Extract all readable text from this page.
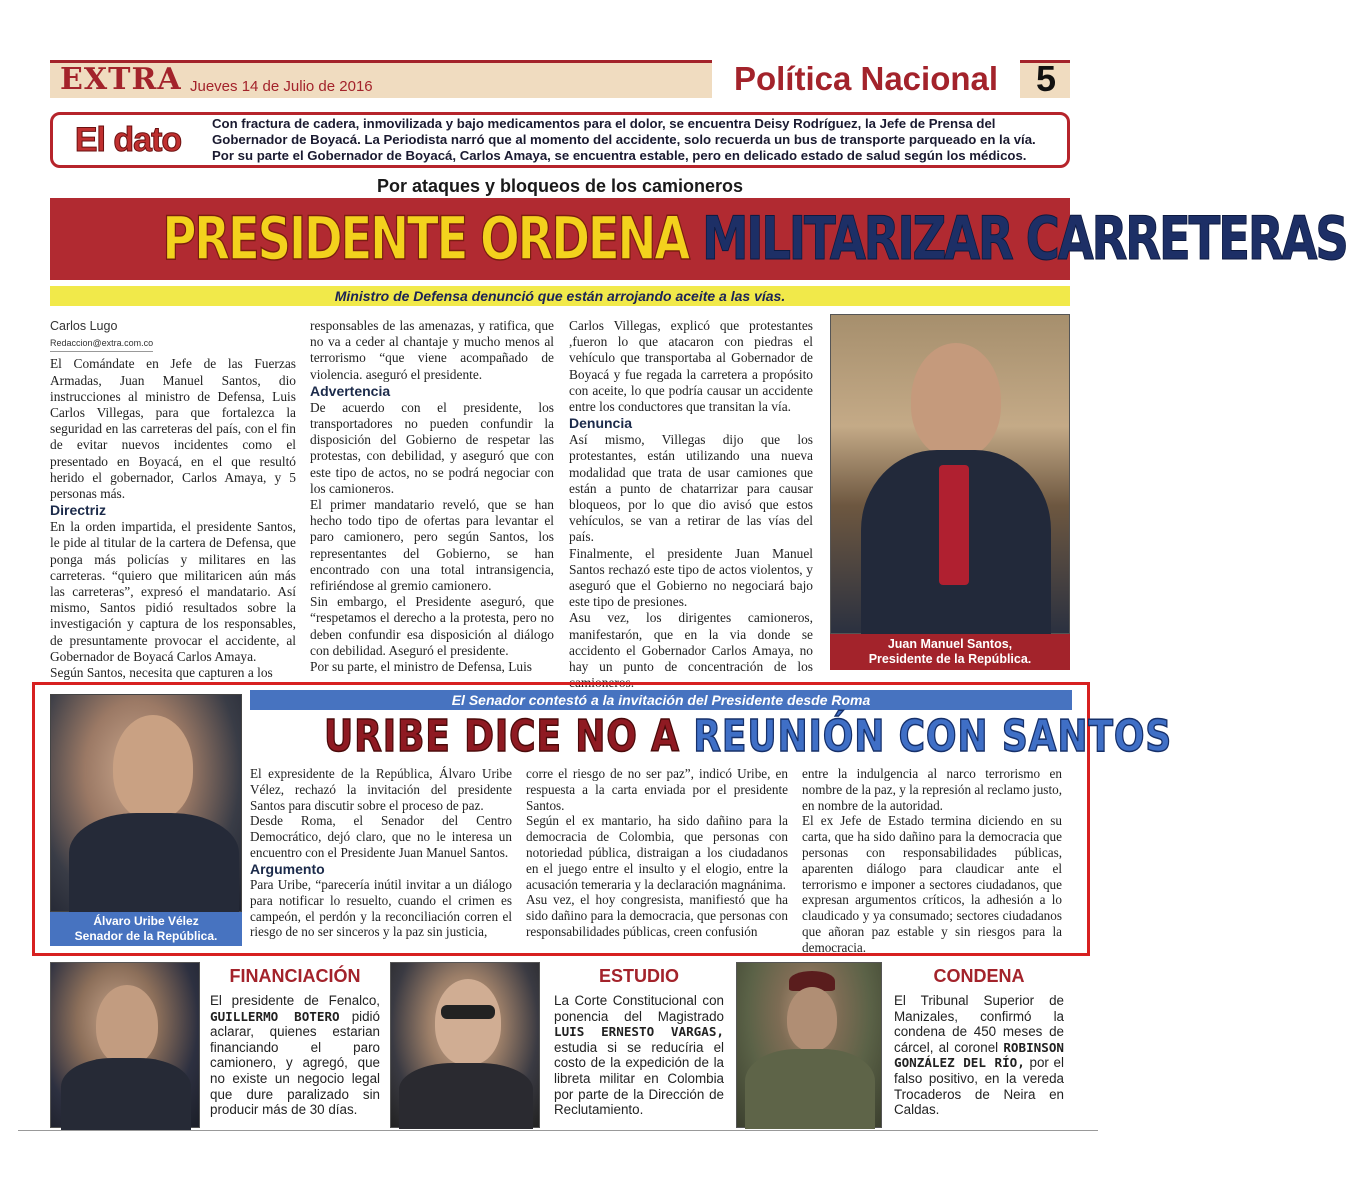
EXTRA Jueves 14 de Julio de 2016	Política Nacional	5
El dato	Con fractura de cadera, inmovilizada y bajo medicamentos para el dolor, se encuentra Deisy Rodríguez, la Jefe de Prensa del Gobernador de Boyacá. La Periodista narró que al momento del accidente, solo recuerda un bus de transporte parqueado en la vía. Por su parte el Gobernador de Boyacá, Carlos Amaya, se encuentra estable, pero en delicado estado de salud según los médicos.
Por ataques y bloqueos de los camioneros
PRESIDENTE ORDENA MILITARIZAR CARRETERAS
Ministro de Defensa denunció que están arrojando aceite a las vías.
Carlos Lugo
Redaccion@extra.com.co

El Comándate en Jefe de las Fuerzas Armadas, Juan Manuel Santos, dio instrucciones al ministro de Defensa, Luis Carlos Villegas, para que fortalezca la seguridad en las carreteras del país, con el fin de evitar nuevos incidentes como el presentado en Boyacá, en el que resultó herido el gobernador, Carlos Amaya, y 5 personas más.

Directriz

En la orden impartida, el presidente Santos, le pide al titular de la cartera de Defensa, que ponga más policías y militares en las carreteras. “quiero que militaricen aún más las carreteras”, expresó el mandatario. Así mismo, Santos pidió resultados sobre la investigación y captura de los responsables, de presuntamente provocar el accidente, al Gobernador de Boyacá Carlos Amaya.

Según Santos, necesita que capturen a los

responsables de las amenazas, y ratifica, que no va a ceder al chantaje y mucho menos al terrorismo “que viene acompañado de violencia. aseguró el presidente.

Advertencia

De acuerdo con el presidente, los transportadores no pueden confundir la disposición del Gobierno de respetar las protestas, con debilidad, y aseguró que con este tipo de actos, no se podrá negociar con los camioneros.

El primer mandatario reveló, que se han hecho todo tipo de ofertas para levantar el paro camionero, pero según Santos, los representantes del Gobierno, se han encontrado con una total intransigencia, refiriéndose al gremio camionero.

Sin embargo, el Presidente aseguró, que “respetamos el derecho a la protesta, pero no deben confundir esa disposición al diálogo con debilidad. Aseguró el presidente.

Por su parte, el ministro de Defensa, Luis

Carlos Villegas, explicó que protestantes ,fueron lo que atacaron con piedras el vehículo que transportaba al Gobernador de Boyacá y fue regada la carretera a propósito con aceite, lo que podría causar un accidente entre los conductores que transitan la vía.

Denuncia

Así mismo, Villegas dijo que los protestantes, están utilizando una nueva modalidad que trata de usar camiones que están a punto de chatarrizar para causar bloqueos, por lo que dio avisó que estos vehículos, se van a retirar de las vías del país.

Finalmente, el presidente Juan Manuel Santos rechazó este tipo de actos violentos, y aseguró que el Gobierno no negociará bajo este tipo de presiones.

Asu vez, los dirigentes camioneros, manifestarón, que en la via donde se accidento el Gobernador Carlos Amaya, no hay un punto de concentración de los camioneros.

Juan Manuel Santos,
Presidente de la República.
El Senador contestó a la invitación del Presidente desde Roma
URIBE DICE NO A REUNIÓN CON SANTOS
Álvaro Uribe Vélez
Senador de la República.

El expresidente de la República, Álvaro Uribe Vélez, rechazó la invitación del presidente Santos para discutir sobre el proceso de paz.

Desde Roma, el Senador del Centro Democrático, dejó claro, que no le interesa un encuentro con el Presidente Juan Manuel Santos.

Argumento

Para Uribe, “parecería inútil invitar a un diálogo para notificar lo resuelto, cuando el crimen es campeón, el perdón y la reconciliación corren el riesgo de no ser sinceros y la paz sin justicia,

corre el riesgo de no ser paz”, indicó Uribe, en respuesta a la carta enviada por el presidente Santos.

Según el ex mantario, ha sido dañino para la democracia de Colombia, que personas con notoriedad pública, distraigan a los ciudadanos en el juego entre el insulto y el elogio, entre la acusación temeraria y la declaración magnánima.

Asu vez, el hoy congresista, manifiestó que ha sido dañino para la democracia, que personas con responsabilidades públicas, creen confusión

entre la indulgencia al narco terrorismo en nombre de la paz, y la represión al reclamo justo, en nombre de la autoridad.

El ex Jefe de Estado termina diciendo en su carta, que ha sido dañino para la democracia que personas con responsabilidades públicas, aparenten diálogo para claudicar ante el terrorismo e imponer a sectores ciudadanos, que expresan argumentos críticos, la adhesión a lo claudicado y ya consumado; sectores ciudadanos que añoran paz estable y sin riesgos para la democracia.

FINANCIACIÓN
El presidente de Fenalco, GUILLERMO BOTERO pidió aclarar, quienes estarian financiando el paro camionero, y agregó, que no existe un negocio legal que dure paralizado sin producir más de 30 días.
ESTUDIO
La Corte Constitucional con ponencia del Magistrado LUIS ERNESTO VARGAS, estudia si se reducíria el costo de la expedición de la libreta militar en Colombia por parte de la Dirección de Reclutamiento.
CONDENA
El Tribunal Superior de Manizales, confirmó la condena de 450 meses de cárcel, al coronel ROBINSON GONZÁLEZ DEL RÍO, por el falso positivo, en la vereda Trocaderos de Neira en Caldas.
